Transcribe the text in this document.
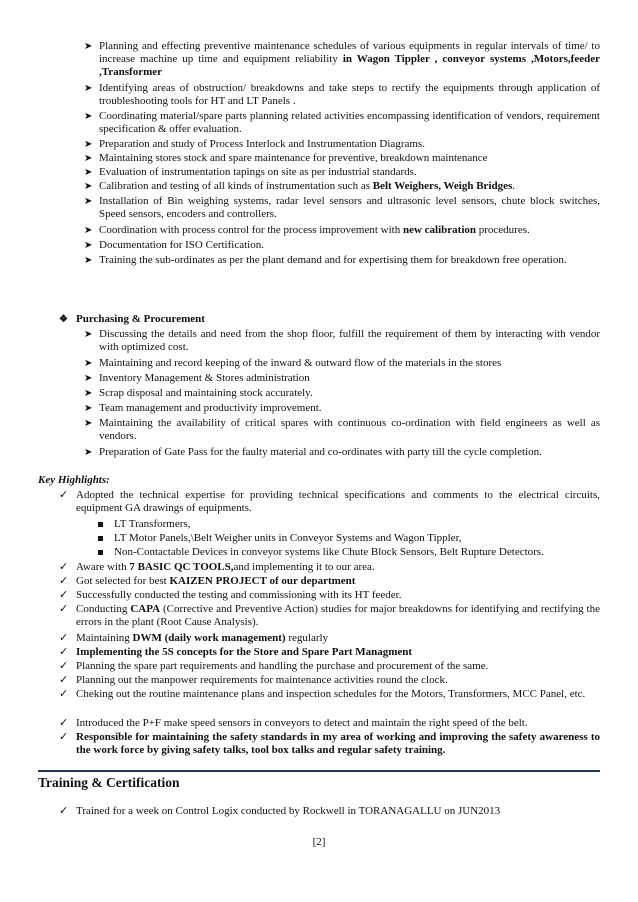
➤ Planning and effecting preventive maintenance schedules of various equipments in regular intervals of time/ to increase machine up time and equipment reliability in Wagon Tippler , conveyor systems ,Motors,feeder ,Transformer
➤ Identifying areas of obstruction/ breakdowns and take steps to rectify the equipments through application of troubleshooting tools for HT and LT Panels .
➤ Coordinating material/spare parts planning related activities encompassing identification of vendors, requirement specification & offer evaluation.
➤ Preparation and study of Process Interlock and Instrumentation Diagrams.
➤ Maintaining stores stock and spare maintenance for preventive, breakdown maintenance
➤ Evaluation of instrumentation tapings on site as per industrial standards.
➤ Calibration and testing of all kinds of instrumentation such as Belt Weighers, Weigh Bridges.
➤ Installation of Bin weighing systems, radar level sensors and ultrasonic level sensors, chute block switches, Speed sensors, encoders and controllers.
➤ Coordination with process control for the process improvement with new calibration procedures.
➤ Documentation for ISO Certification.
➤ Training the sub-ordinates as per the plant demand and for expertising them for breakdown free operation.
❖ Purchasing & Procurement
➤ Discussing the details and need from the shop floor, fulfill the requirement of them by interacting with vendor with optimized cost.
➤ Maintaining and record keeping of the inward & outward flow of the materials in the stores
➤ Inventory Management & Stores administration
➤ Scrap disposal and maintaining stock accurately.
➤ Team management and productivity improvement.
➤ Maintaining the availability of critical spares with continuous co-ordination with field engineers as well as vendors.
➤ Preparation of Gate Pass for the faulty material and co-ordinates with party till the cycle completion.
Key Highlights:
✓ Adopted the technical expertise for providing technical specifications and comments to the electrical circuits, equipment GA drawings of equipments.
LT Transformers,
LT Motor Panels,\Belt Weigher units in Conveyor Systems and Wagon Tippler,
Non-Contactable Devices in conveyor systems like Chute Block Sensors, Belt Rupture Detectors.
✓ Aware with 7 BASIC QC TOOLS,and implementing it to our area.
✓ Got selected for best KAIZEN PROJECT of our department
✓ Successfully conducted the testing and commissioning with its HT feeder.
✓ Conducting CAPA (Corrective and Preventive Action) studies for major breakdowns for identifying and rectifying the errors in the plant (Root Cause Analysis).
✓ Maintaining DWM (daily work management) regularly
✓ Implementing the 5S concepts for the Store and Spare Part Managment
✓ Planning the spare part requirements and handling the purchase and procurement of the same.
✓ Planning out the manpower requirements for maintenance activities round the clock.
✓ Cheking out the routine maintenance plans and inspection schedules for the Motors, Transformers, MCC Panel, etc.
✓ Introduced the P+F make speed sensors in conveyors to detect and maintain the right speed of the belt.
✓ Responsible for maintaining the safety standards in my area of working and improving the safety awareness to the work force by giving safety talks, tool box talks and regular safety training.
Training & Certification
✓ Trained for a week on Control Logix conducted by Rockwell in TORANAGALLU on JUN2013
[2]
